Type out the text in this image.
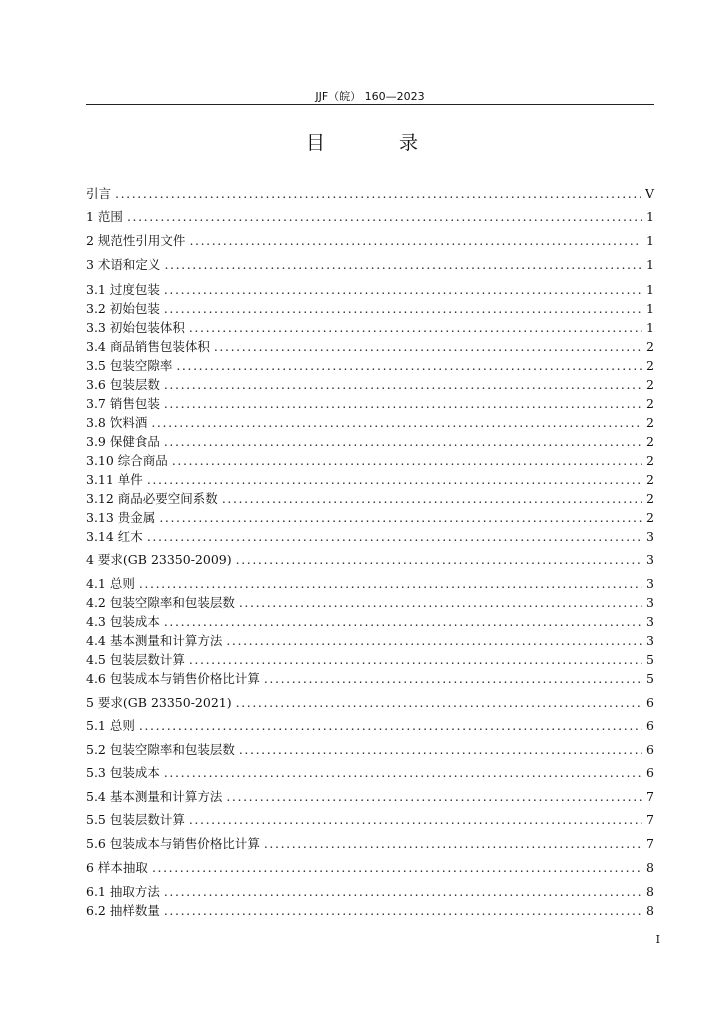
JJF（皖） 160—2023
目 录
引言 .....	V
1 范围 .....	1
2 规范性引用文件 .....	1
3 术语和定义 .....	1
3.1 过度包装 .....	1
3.2 初始包装 .....	1
3.3 初始包装体积 .....	1
3.4 商品销售包装体积 .....	2
3.5 包装空隙率 .....	2
3.6 包装层数 .....	2
3.7 销售包装 .....	2
3.8 饮料酒 .....	2
3.9 保健食品 .....	2
3.10 综合商品 .....	2
3.11 单件 .....	2
3.12 商品必要空间系数 .....	2
3.13 贵金属 .....	2
3.14 红木 .....	3
4 要求(GB 23350-2009) .....	3
4.1 总则 .....	3
4.2 包装空隙率和包装层数 .....	3
4.3 包装成本 .....	3
4.4 基本测量和计算方法 .....	3
4.5 包装层数计算 .....	5
4.6 包装成本与销售价格比计算 .....	5
5 要求(GB 23350-2021) .....	6
5.1 总则 .....	6
5.2 包装空隙率和包装层数 .....	6
5.3 包装成本 .....	6
5.4 基本测量和计算方法 .....	7
5.5 包装层数计算 .....	7
5.6 包装成本与销售价格比计算 .....	7
6 样本抽取 .....	8
6.1 抽取方法 .....	8
6.2 抽样数量 .....	8
I
